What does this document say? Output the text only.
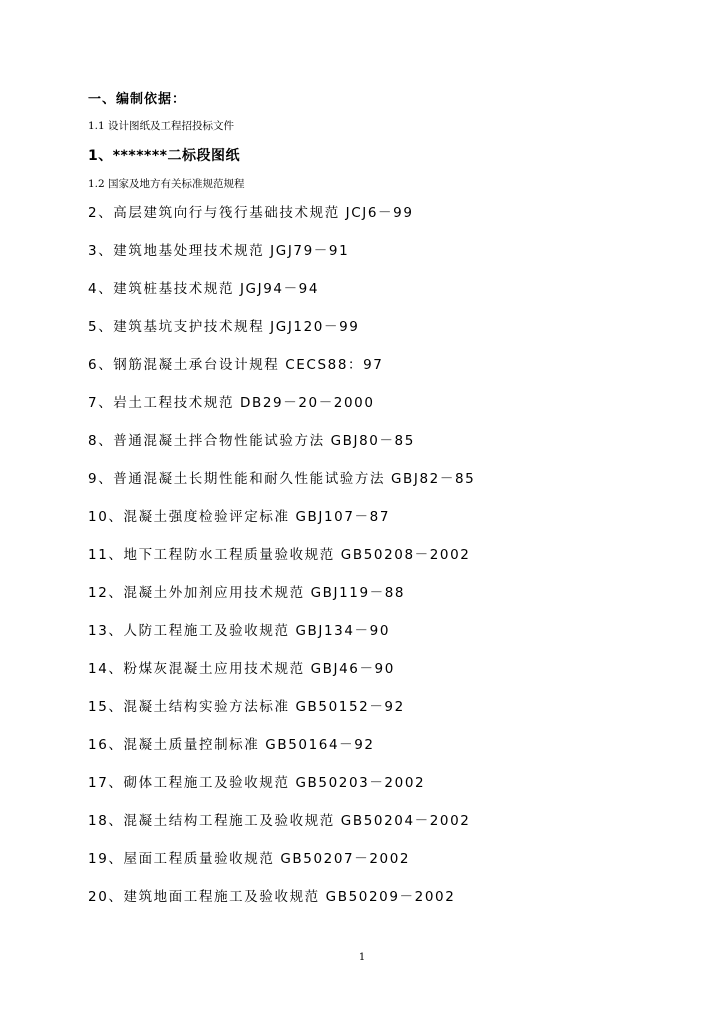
一、编制依据：
1.1 设计图纸及工程招投标文件
1、*******二标段图纸
1.2 国家及地方有关标准规范规程
2、高层建筑向行与筏行基础技术规范 JCJ6－99
3、建筑地基处理技术规范 JGJ79－91
4、建筑桩基技术规范 JGJ94－94
5、建筑基坑支护技术规程 JGJ120－99
6、钢筋混凝土承台设计规程 CECS88：97
7、岩土工程技术规范 DB29－20－2000
8、普通混凝土拌合物性能试验方法 GBJ80－85
9、普通混凝土长期性能和耐久性能试验方法 GBJ82－85
10、混凝土强度检验评定标准 GBJ107－87
11、地下工程防水工程质量验收规范 GB50208－2002
12、混凝土外加剂应用技术规范 GBJ119－88
13、人防工程施工及验收规范 GBJ134－90
14、粉煤灰混凝土应用技术规范 GBJ46－90
15、混凝土结构实验方法标准 GB50152－92
16、混凝土质量控制标准 GB50164－92
17、砌体工程施工及验收规范 GB50203－2002
18、混凝土结构工程施工及验收规范 GB50204－2002
19、屋面工程质量验收规范 GB50207－2002
20、建筑地面工程施工及验收规范 GB50209－2002
1
